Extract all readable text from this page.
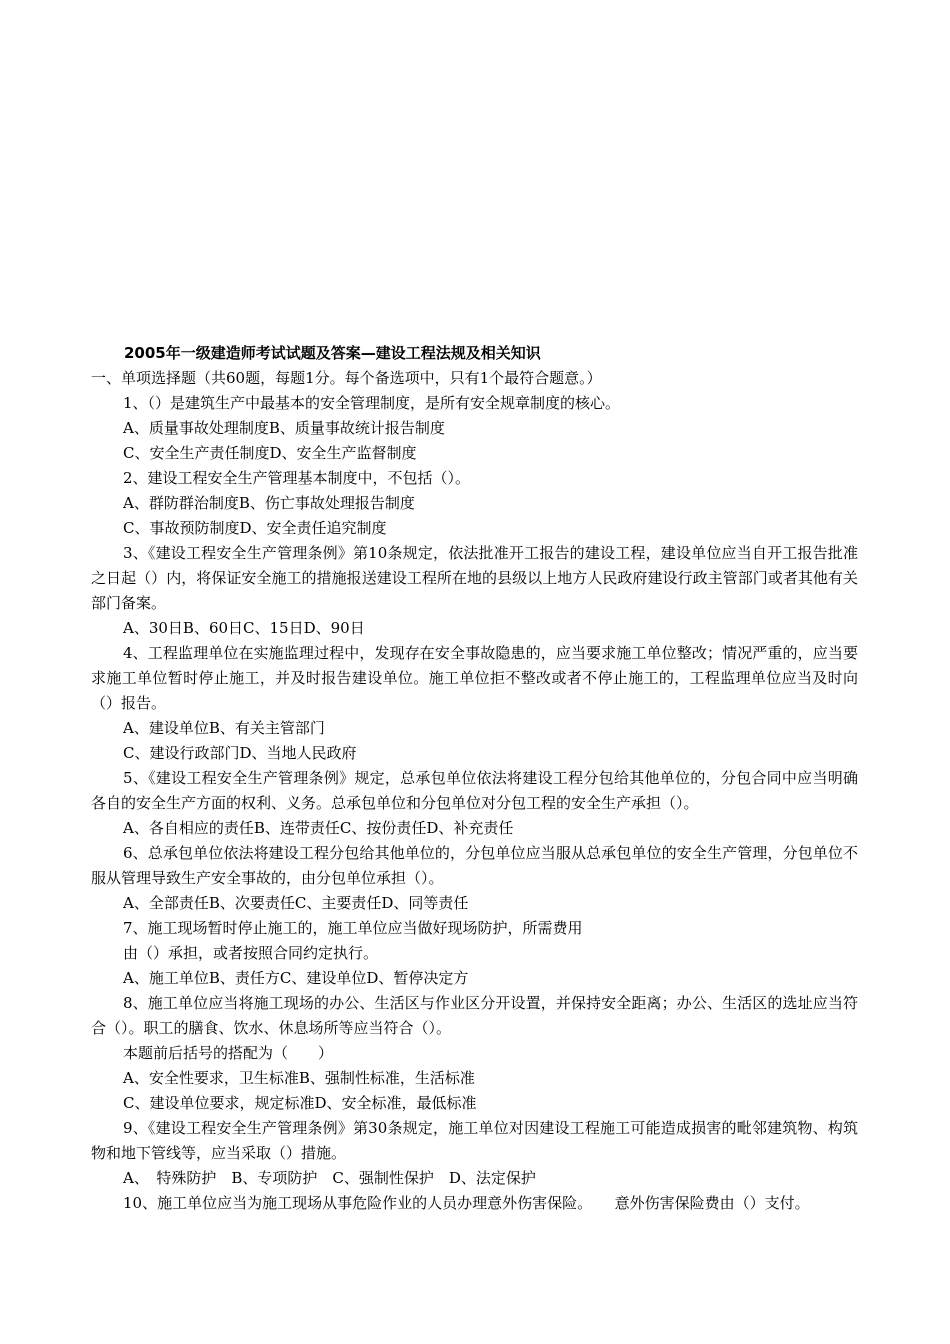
2005年一级建造师考试试题及答案—建设工程法规及相关知识
一、单项选择题（共60题，每题1分。每个备选项中，只有1个最符合题意。）
1、（）是建筑生产中最基本的安全管理制度，是所有安全规章制度的核心。
A、质量事故处理制度B、质量事故统计报告制度
C、安全生产责任制度D、安全生产监督制度
2、建设工程安全生产管理基本制度中，不包括（）。
A、群防群治制度B、伤亡事故处理报告制度
C、事故预防制度D、安全责任追究制度
3、《建设工程安全生产管理条例》第10条规定，依法批准开工报告的建设工程，建设单位应当自开工报告批准之日起（）内，将保证安全施工的措施报送建设工程所在地的县级以上地方人民政府建设行政主管部门或者其他有关部门备案。
A、30日B、60日C、15日D、90日
4、工程监理单位在实施监理过程中，发现存在安全事故隐患的，应当要求施工单位整改；情况严重的，应当要求施工单位暂时停止施工，并及时报告建设单位。施工单位拒不整改或者不停止施工的，工程监理单位应当及时向（）报告。
A、建设单位B、有关主管部门
C、建设行政部门D、当地人民政府
5、《建设工程安全生产管理条例》规定，总承包单位依法将建设工程分包给其他单位的，分包合同中应当明确各自的安全生产方面的权利、义务。总承包单位和分包单位对分包工程的安全生产承担（）。
A、各自相应的责任B、连带责任C、按份责任D、补充责任
6、总承包单位依法将建设工程分包给其他单位的，分包单位应当服从总承包单位的安全生产管理，分包单位不服从管理导致生产安全事故的，由分包单位承担（）。
A、全部责任B、次要责任C、主要责任D、同等责任
7、施工现场暂时停止施工的，施工单位应当做好现场防护，所需费用
由（）承担，或者按照合同约定执行。
A、施工单位B、责任方C、建设单位D、暂停决定方
8、施工单位应当将施工现场的办公、生活区与作业区分开设置，并保持安全距离；办公、生活区的选址应当符合（）。职工的膳食、饮水、休息场所等应当符合（）。
本题前后括号的搭配为（　　）
A、安全性要求，卫生标准B、强制性标准，生活标准
C、建设单位要求，规定标准D、安全标准，最低标准
9、《建设工程安全生产管理条例》第30条规定，施工单位对因建设工程施工可能造成损害的毗邻建筑物、构筑物和地下管线等，应当采取（）措施。
A、　特殊防护　B、专项防护　C、强制性保护　D、法定保护
10、施工单位应当为施工现场从事危险作业的人员办理意外伤害保险。　　意外伤害保险费由（）支付。
